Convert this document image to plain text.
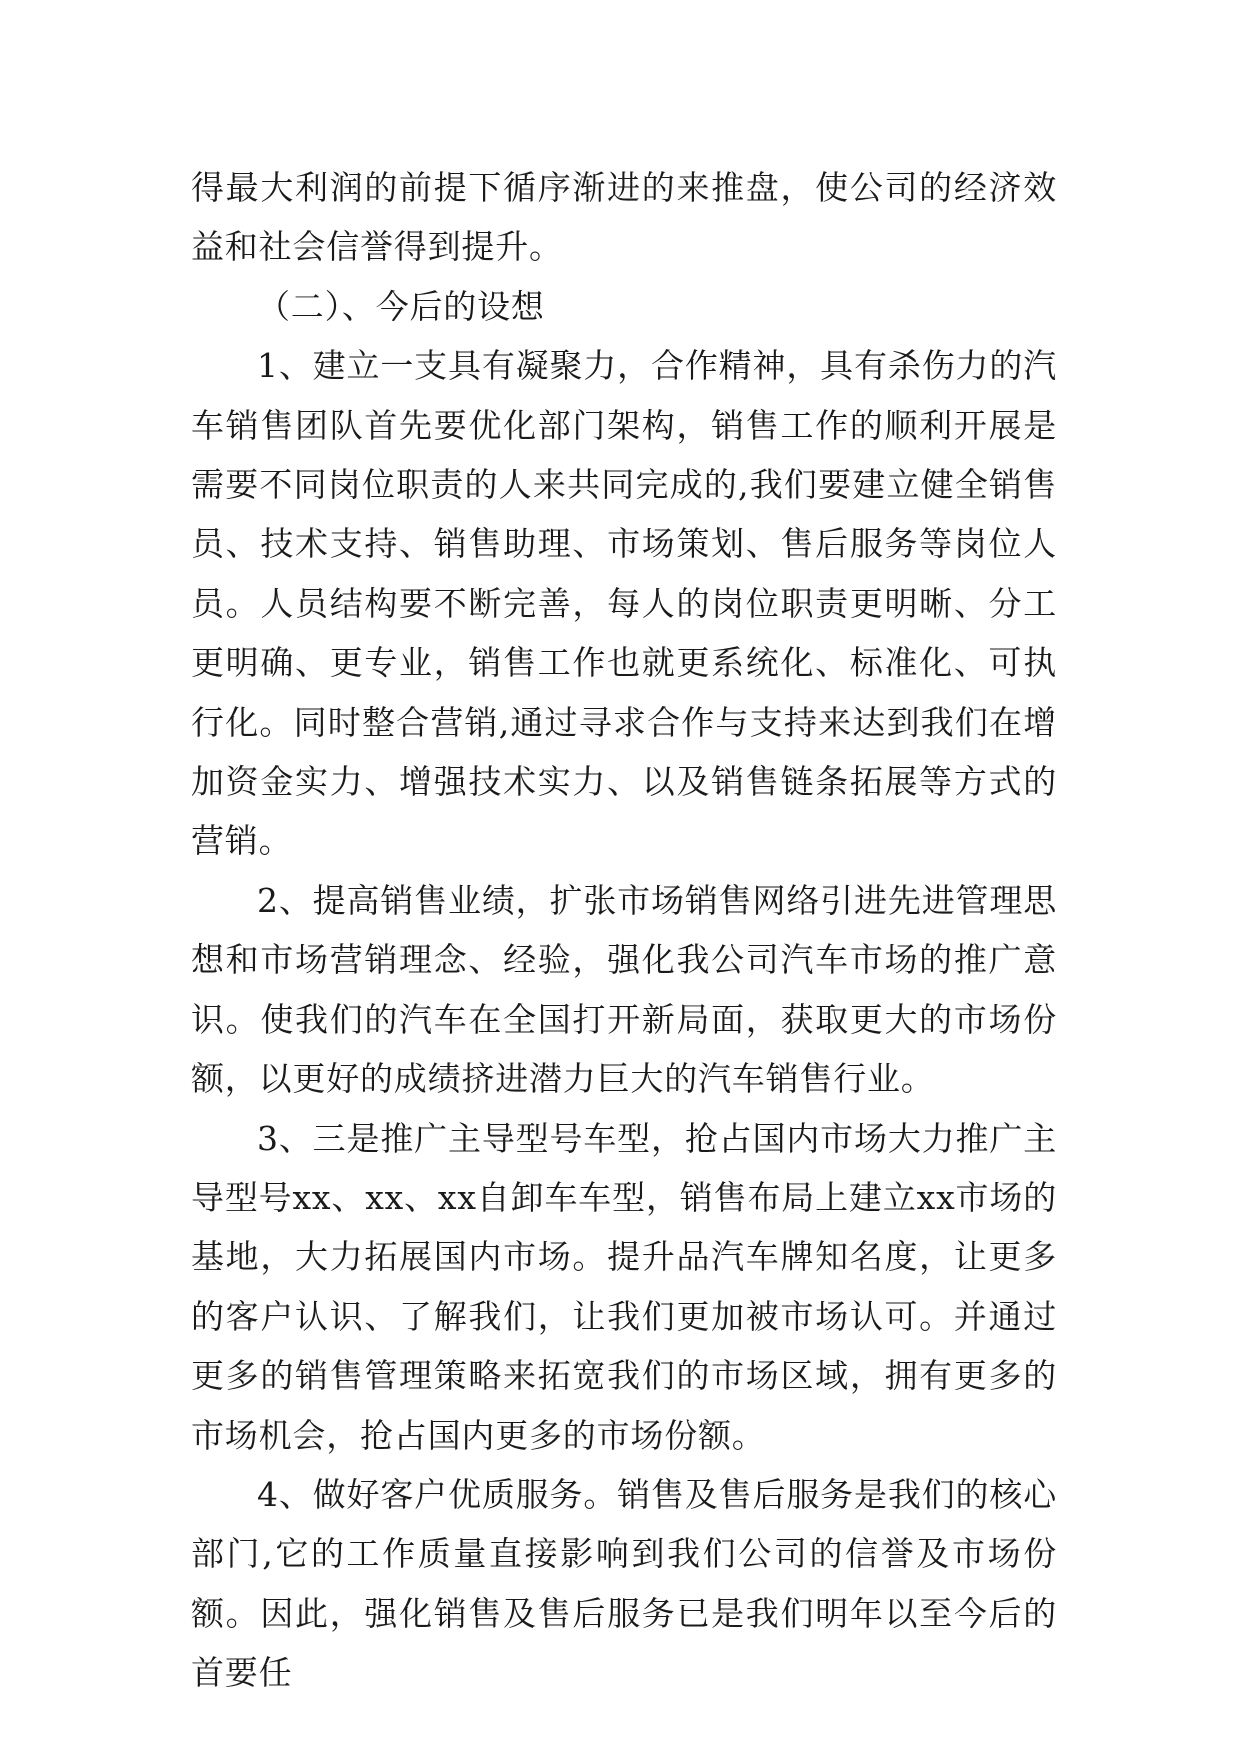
得最大利润的前提下循序渐进的来推盘，使公司的经济效益和社会信誉得到提升。

（二）、今后的设想

1、建立一支具有凝聚力，合作精神，具有杀伤力的汽车销售团队首先要优化部门架构，销售工作的顺利开展是需要不同岗位职责的人来共同完成的,我们要建立健全销售员、技术支持、销售助理、市场策划、售后服务等岗位人员。人员结构要不断完善，每人的岗位职责更明晰、分工更明确、更专业，销售工作也就更系统化、标准化、可执行化。同时整合营销,通过寻求合作与支持来达到我们在增加资金实力、增强技术实力、以及销售链条拓展等方式的营销。

2、提高销售业绩，扩张市场销售网络引进先进管理思想和市场营销理念、经验，强化我公司汽车市场的推广意识。使我们的汽车在全国打开新局面，获取更大的市场份额，以更好的成绩挤进潜力巨大的汽车销售行业。

3、三是推广主导型号车型，抢占国内市场大力推广主导型号xx、xx、xx自卸车车型，销售布局上建立xx市场的基地，大力拓展国内市场。提升品汽车牌知名度，让更多的客户认识、了解我们，让我们更加被市场认可。并通过更多的销售管理策略来拓宽我们的市场区域，拥有更多的市场机会，抢占国内更多的市场份额。

4、做好客户优质服务。销售及售后服务是我们的核心部门,它的工作质量直接影响到我们公司的信誉及市场份额。因此，强化销售及售后服务已是我们明年以至今后的首要任
